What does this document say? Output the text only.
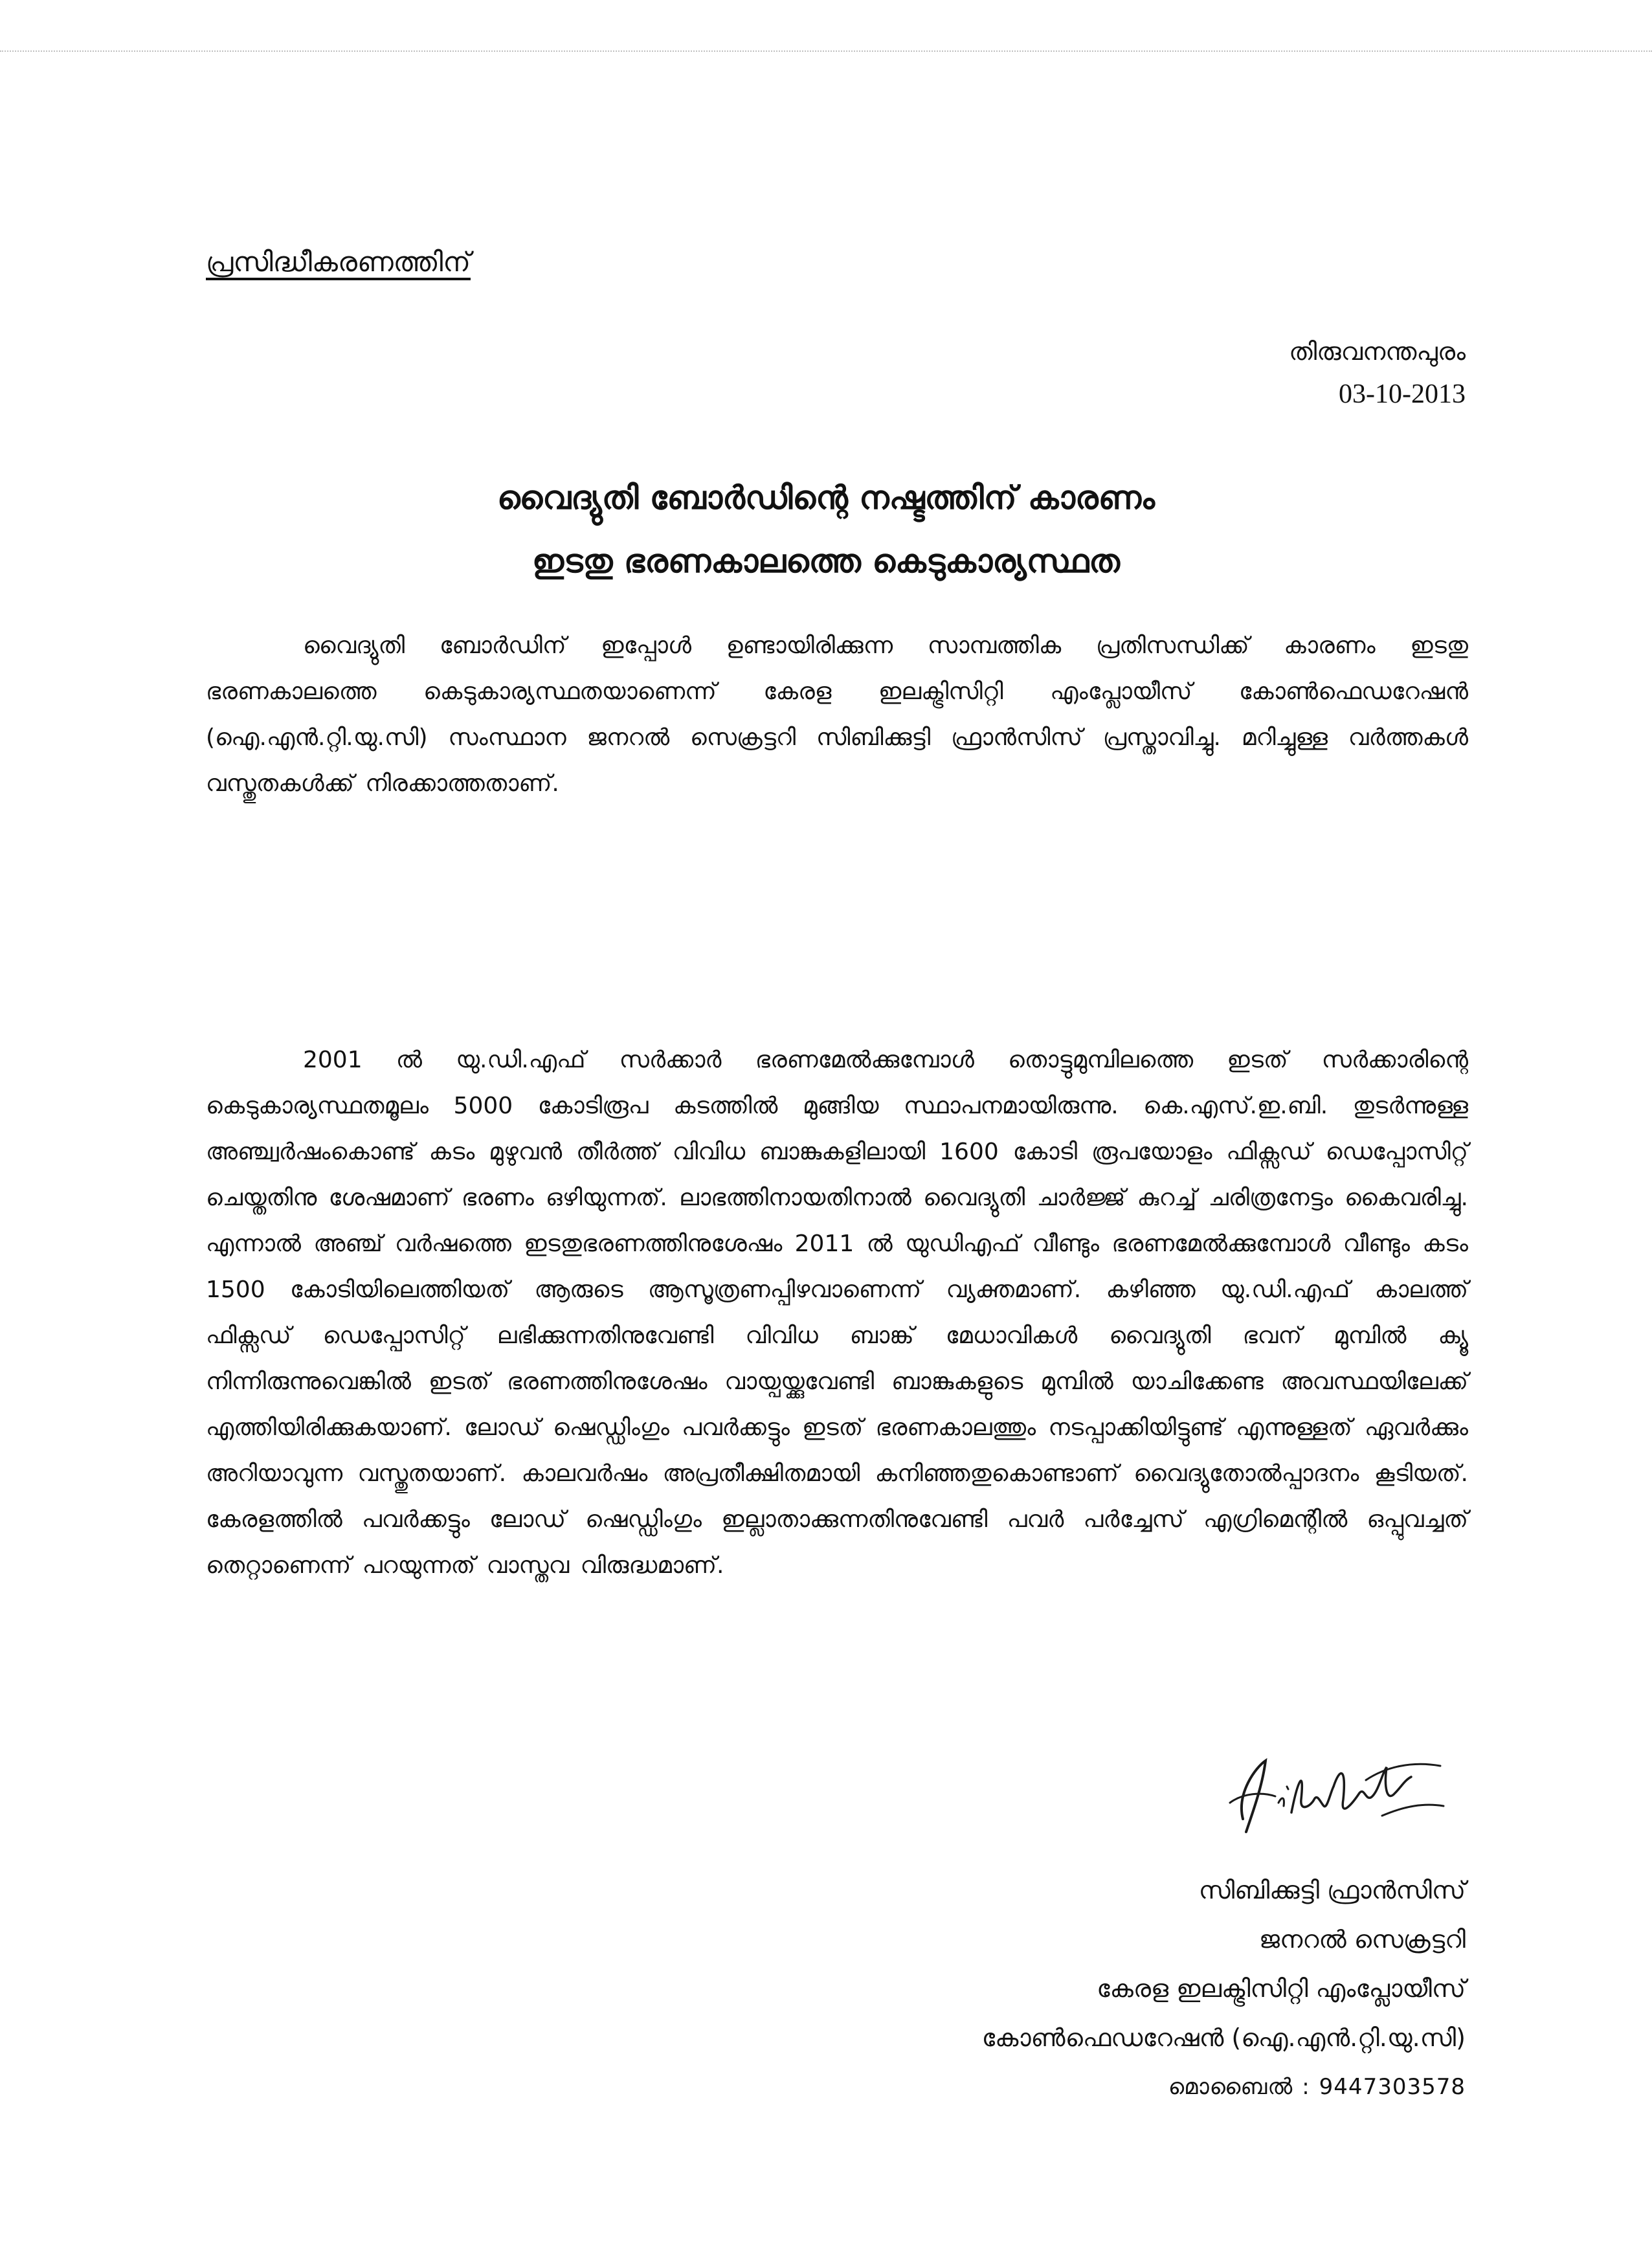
പ്രസിദ്ധീകരണത്തിന്
തിരുവനന്തപുരം
03-10-2013
വൈദ്യുതി ബോർഡിന്റെ നഷ്ടത്തിന് കാരണം
ഇടതു ഭരണകാലത്തെ കെടുകാര്യസ്ഥത
വൈദ്യുതി ബോർഡിന് ഇപ്പോൾ ഉണ്ടായിരിക്കുന്ന സാമ്പത്തിക പ്രതിസന്ധിക്ക് കാരണം ഇടതു ഭരണകാലത്തെ കെടുകാര്യസ്ഥതയാണെന്ന് കേരള ഇലക്ട്രിസിറ്റി എംപ്ലോയീസ് കോൺഫെഡറേഷൻ (ഐ.എൻ.റ്റി.യു.സി) സംസ്ഥാന ജനറൽ സെക്രട്ടറി സിബിക്കുട്ടി ഫ്രാൻസിസ് പ്രസ്താവിച്ചു. മറിച്ചുള്ള വർത്തകൾ വസ്തുതകൾക്ക് നിരക്കാത്തതാണ്.
2001 ൽ യു.ഡി.എഫ് സർക്കാർ ഭരണമേൽക്കുമ്പോൾ തൊട്ടുമുമ്പിലത്തെ ഇടത് സർക്കാരിന്റെ കെടുകാര്യസ്ഥതമൂലം 5000 കോടിരൂപ കടത്തിൽ മുങ്ങിയ സ്ഥാപനമായിരുന്നു. കെ.എസ്.ഇ.ബി. തുടർന്നുള്ള അഞ്ച്വർഷംകൊണ്ട് കടം മുഴുവൻ തീർത്ത് വിവിധ ബാങ്കുകളിലായി 1600 കോടി രൂപയോളം ഫിക്സഡ് ഡെപ്പോസിറ്റ് ചെയ്തതിനു ശേഷമാണ് ഭരണം ഒഴിയുന്നത്. ലാഭത്തിനായതിനാൽ വൈദ്യുതി ചാർജ്ജ് കുറച്ച് ചരിത്രനേട്ടം കൈവരിച്ചു. എന്നാൽ അഞ്ച് വർഷത്തെ ഇടതുഭരണത്തിനുശേഷം 2011 ൽ യുഡിഎഫ് വീണ്ടും ഭരണമേൽക്കുമ്പോൾ വീണ്ടും കടം 1500 കോടിയിലെത്തിയത് ആരുടെ ആസൂത്രണപ്പിഴവാണെന്ന് വ്യക്തമാണ്. കഴിഞ്ഞ യു.ഡി.എഫ് കാലത്ത് ഫിക്സഡ് ഡെപ്പോസിറ്റ് ലഭിക്കുന്നതിനുവേണ്ടി വിവിധ ബാങ്ക് മേധാവികൾ വൈദ്യുതി ഭവന് മുമ്പിൽ ക്യൂ നിന്നിരുന്നുവെങ്കിൽ ഇടത് ഭരണത്തിനുശേഷം വായ്പയ്ക്കുവേണ്ടി ബാങ്കുകളുടെ മുമ്പിൽ യാചിക്കേണ്ട അവസ്ഥയിലേക്ക് എത്തിയിരിക്കുകയാണ്. ലോഡ് ഷെഡ്ഡിംഗും പവർക്കട്ടും ഇടത് ഭരണകാലത്തും നടപ്പാക്കിയിട്ടുണ്ട് എന്നുള്ളത് ഏവർക്കും അറിയാവുന്ന വസ്തുതയാണ്. കാലവർഷം അപ്രതീക്ഷിതമായി കനിഞ്ഞതുകൊണ്ടാണ് വൈദ്യുതോൽപ്പാദനം കൂടിയത്. കേരളത്തിൽ പവർക്കട്ടും ലോഡ് ഷെഡ്ഡിംഗും ഇല്ലാതാക്കുന്നതിനുവേണ്ടി പവർ പർച്ചേസ് എഗ്രിമെന്റിൽ ഒപ്പുവച്ചത് തെറ്റാണെന്ന് പറയുന്നത് വാസ്തവ വിരുദ്ധമാണ്.
സിബിക്കുട്ടി ഫ്രാൻസിസ്
ജനറൽ സെക്രട്ടറി
കേരള ഇലക്ട്രിസിറ്റി എംപ്ലോയീസ്
കോൺഫെഡറേഷൻ (ഐ.എൻ.റ്റി.യു.സി)
മൊബൈൽ : 9447303578
